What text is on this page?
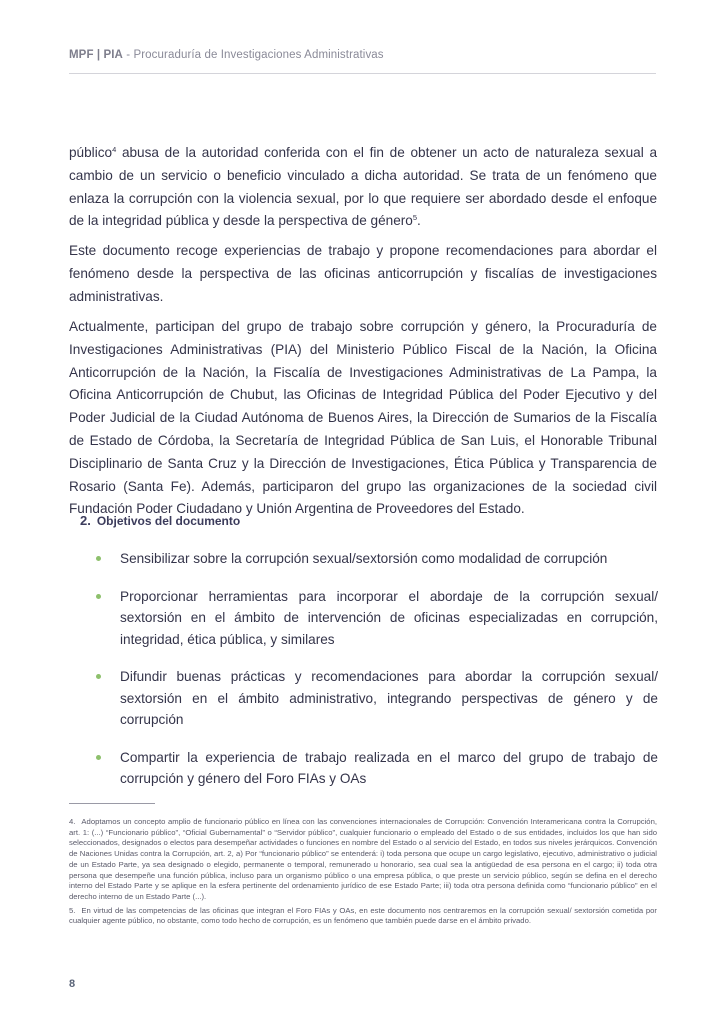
MPF | PIA - Procuraduría de Investigaciones Administrativas
público$^4$ abusa de la autoridad conferida con el fin de obtener un acto de naturaleza sexual a cambio de un servicio o beneficio vinculado a dicha autoridad. Se trata de un fenómeno que enlaza la corrupción con la violencia sexual, por lo que requiere ser abordado desde el enfoque de la integridad pública y desde la perspectiva de género$^5$.
Este documento recoge experiencias de trabajo y propone recomendaciones para abordar el fenómeno desde la perspectiva de las oficinas anticorrupción y fiscalías de investigaciones administrativas.
Actualmente, participan del grupo de trabajo sobre corrupción y género, la Procuraduría de Investigaciones Administrativas (PIA) del Ministerio Público Fiscal de la Nación, la Oficina Anticorrupción de la Nación, la Fiscalía de Investigaciones Administrativas de La Pampa, la Oficina Anticorrupción de Chubut, las Oficinas de Integridad Pública del Poder Ejecutivo y del Poder Judicial de la Ciudad Autónoma de Buenos Aires, la Dirección de Sumarios de la Fiscalía de Estado de Córdoba, la Secretaría de Integridad Pública de San Luis, el Honorable Tribunal Disciplinario de Santa Cruz y la Dirección de Investigaciones, Ética Pública y Transparencia de Rosario (Santa Fe). Además, participaron del grupo las organizaciones de la sociedad civil Fundación Poder Ciudadano y Unión Argentina de Proveedores del Estado.
2. Objetivos del documento
Sensibilizar sobre la corrupción sexual/sextorsión como modalidad de corrupción
Proporcionar herramientas para incorporar el abordaje de la corrupción sexual/ sextorsión en el ámbito de intervención de oficinas especializadas en corrupción, integridad, ética pública, y similares
Difundir buenas prácticas y recomendaciones para abordar la corrupción sexual/ sextorsión en el ámbito administrativo, integrando perspectivas de género y de corrupción
Compartir la experiencia de trabajo realizada en el marco del grupo de trabajo de corrupción y género del Foro FIAs y OAs

4. Adoptamos un concepto amplio de funcionario público en línea con las convenciones internacionales de Corrupción: Convención Interamericana contra la Corrupción, art. 1: (...) “Funcionario público”, “Oficial Gubernamental” o “Servidor público”, cualquier funcionario o empleado del Estado o de sus entidades, incluidos los que han sido seleccionados, designados o electos para desempeñar actividades o funciones en nombre del Estado o al servicio del Estado, en todos sus niveles jerárquicos. Convención de Naciones Unidas contra la Corrupción, art. 2, a) Por “funcionario público” se entenderá: i) toda persona que ocupe un cargo legislativo, ejecutivo, administrativo o judicial de un Estado Parte, ya sea designado o elegido, permanente o temporal, remunerado u honorario, sea cual sea la antigüedad de esa persona en el cargo; ii) toda otra persona que desempeñe una función pública, incluso para un organismo público o una empresa pública, o que preste un servicio público, según se defina en el derecho interno del Estado Parte y se aplique en la esfera pertinente del ordenamiento jurídico de ese Estado Parte; iii) toda otra persona definida como “funcionario público” en el derecho interno de un Estado Parte (...).

5. En virtud de las competencias de las oficinas que integran el Foro FIAs y OAs, en este documento nos centraremos en la corrupción sexual/ sextorsión cometida por cualquier agente público, no obstante, como todo hecho de corrupción, es un fenómeno que también puede darse en el ámbito privado.

8
